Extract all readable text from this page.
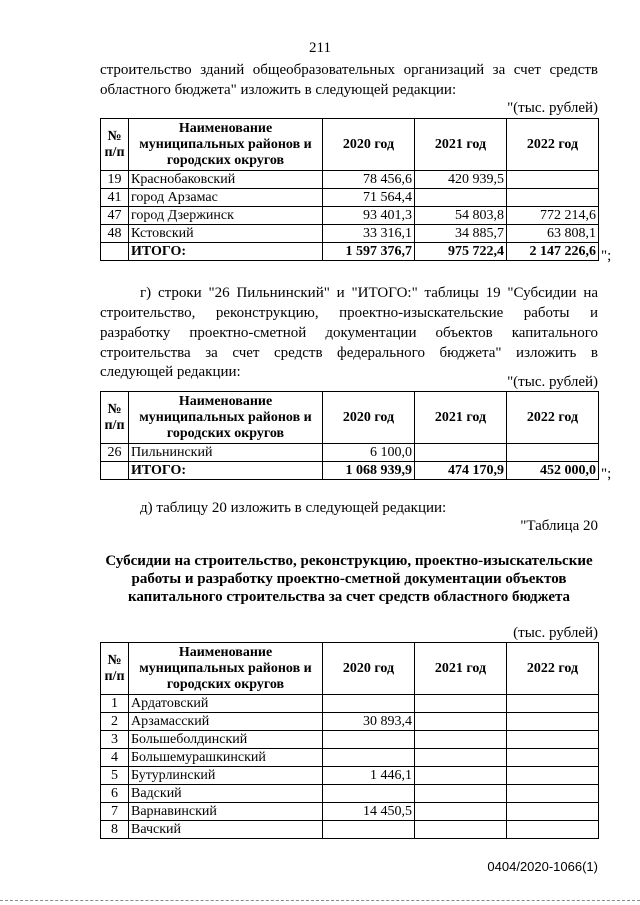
211
строительство зданий общеобразовательных организаций за счет средств
областного бюджета" изложить в следующей редакции:
"(тыс. рублей)
№ п/п	Наименование муниципальных районов и городских округов	2020 год	2021 год	2022 год
19	Краснобаковский	78 456,6	420 939,5	
41	город Арзамас	71 564,4		
47	город Дзержинск	93 401,3	54 803,8	772 214,6
48	Кстовский	33 316,1	34 885,7	63 808,1
	ИТОГО:	1 597 376,7	975 722,4	2 147 226,6 ";
г) строки "26 Пильнинский" и "ИТОГО:" таблицы 19 "Субсидии на
строительство, реконструкцию, проектно-изыскательские работы и
разработку проектно-сметной документации объектов капитального
строительства за счет средств федерального бюджета" изложить в
следующей редакции:
"(тыс. рублей)
№ п/п	Наименование муниципальных районов и городских округов	2020 год	2021 год	2022 год
26	Пильнинский	6 100,0		
	ИТОГО:	1 068 939,9	474 170,9	452 000,0 ";
д) таблицу 20 изложить в следующей редакции:
"Таблица 20
Субсидии на строительство, реконструкцию, проектно-изыскательские
работы и разработку проектно-сметной документации объектов
капитального строительства за счет средств областного бюджета
(тыс. рублей)
№ п/п	Наименование муниципальных районов и городских округов	2020 год	2021 год	2022 год
1	Ардатовский			
2	Арзамасский	30 893,4		
3	Большеболдинский			
4	Большемурашкинский			
5	Бутурлинский	1 446,1		
6	Вадский			
7	Варнавинский	14 450,5		
8	Вачский			
0404/2020-1066(1)
